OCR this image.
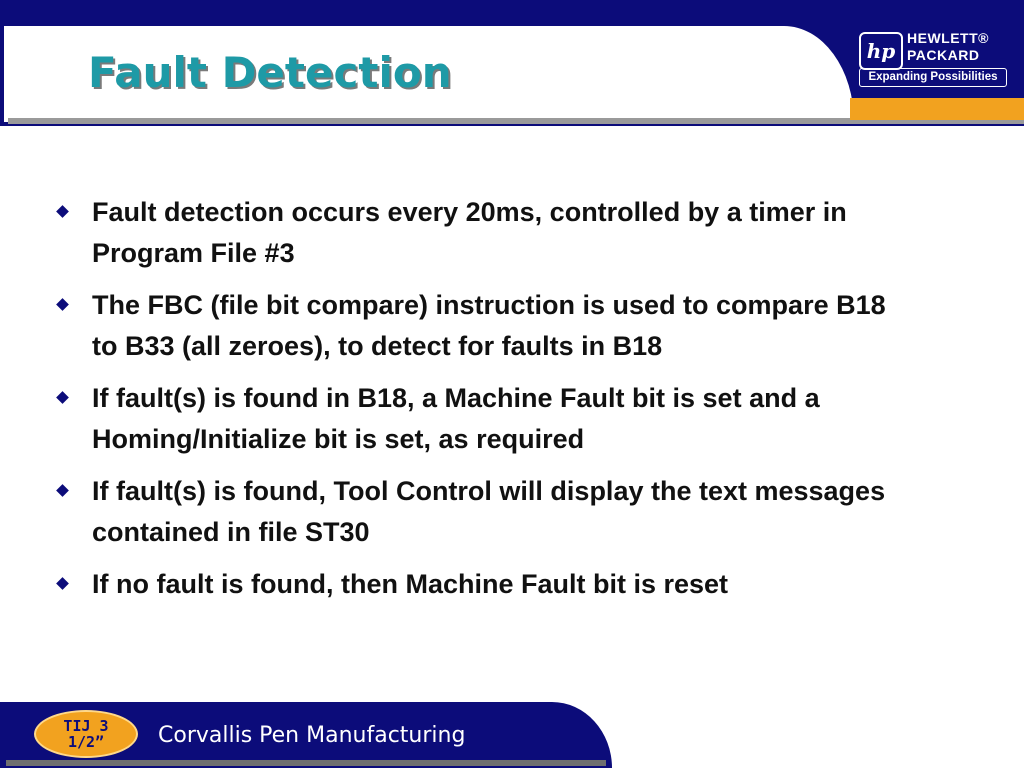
Fault Detection	hp
HEWLETT®
PACKARD
Expanding Possibilities
Fault detection occurs every 20ms, controlled by a timer in Program File #3
The FBC (file bit compare) instruction is used to compare B18 to B33 (all zeroes), to detect for faults in B18
If fault(s) is found in B18, a Machine Fault bit is set and a Homing/Initialize bit is set, as required
If fault(s) is found, Tool Control will display the text messages contained in file ST30
If no fault is found, then Machine Fault bit is reset
TIJ 3
1/2”	Corvallis Pen Manufacturing
